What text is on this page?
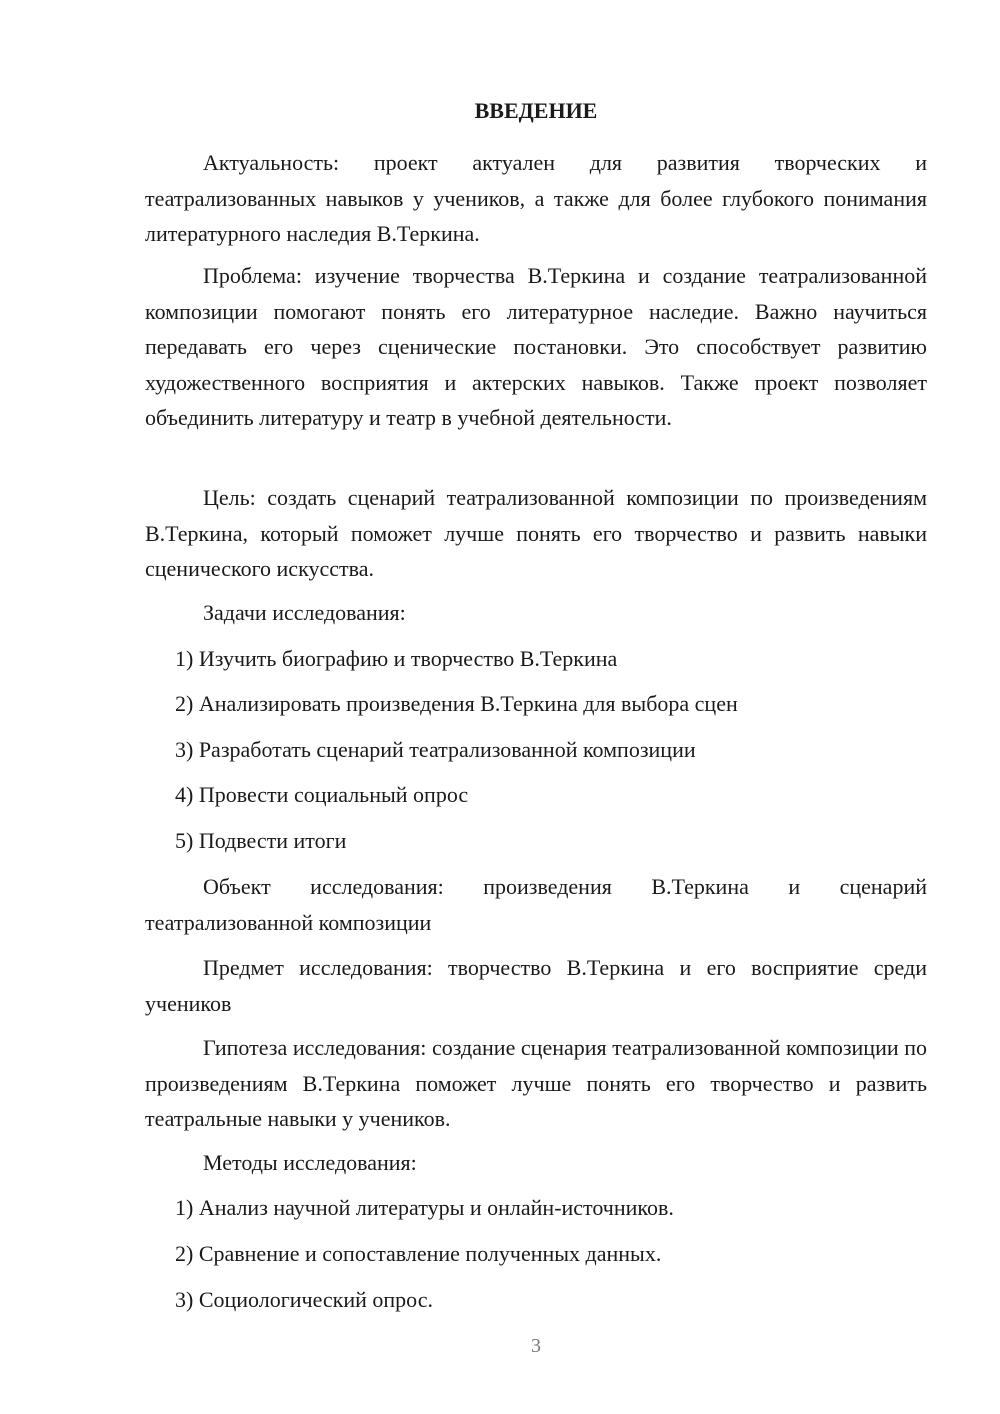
ВВЕДЕНИЕ

Актуальность: проект актуален для развития творческих и театрализованных навыков у учеников, а также для более глубокого понимания литературного наследия В.Теркина.

Проблема: изучение творчества В.Теркина и создание театрализованной композиции помогают понять его литературное наследие. Важно научиться передавать его через сценические постановки. Это способствует развитию художественного восприятия и актерских навыков. Также проект позволяет объединить литературу и театр в учебной деятельности.

Цель: создать сценарий театрализованной композиции по произведениям В.Теркина, который поможет лучше понять его творчество и развить навыки сценического искусства.

Задачи исследования:

1) Изучить биографию и творчество В.Теркина

2) Анализировать произведения В.Теркина для выбора сцен

3) Разработать сценарий театрализованной композиции

4) Провести социальный опрос

5) Подвести итоги

Объект исследования: произведения В.Теркина и сценарий театрализованной композиции

Предмет исследования: творчество В.Теркина и его восприятие среди учеников

Гипотеза исследования: создание сценария театрализованной композиции по произведениям В.Теркина поможет лучше понять его творчество и развить театральные навыки у учеников.

Методы исследования:

1) Анализ научной литературы и онлайн-источников.

2) Сравнение и сопоставление полученных данных.

3) Социологический опрос.

3
